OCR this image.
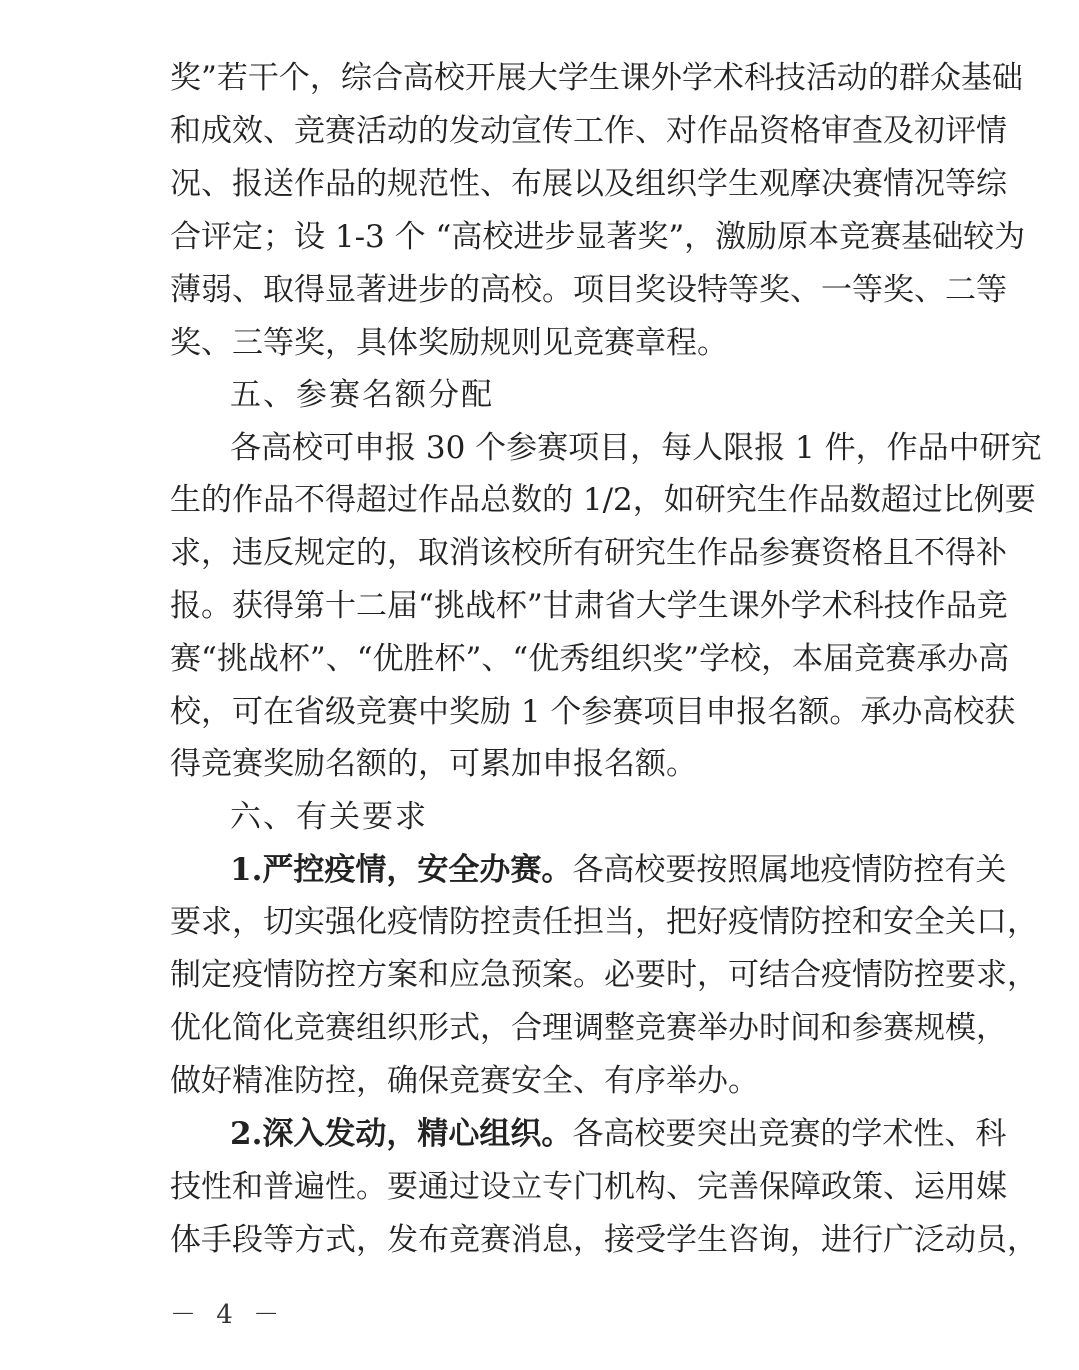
奖”若干个，综合高校开展大学生课外学术科技活动的群众基础
和成效、竞赛活动的发动宣传工作、对作品资格审查及初评情
况、报送作品的规范性、布展以及组织学生观摩决赛情况等综
合评定；设 1-3 个 “高校进步显著奖”，激励原本竞赛基础较为
薄弱、取得显著进步的高校。项目奖设特等奖、一等奖、二等
奖、三等奖，具体奖励规则见竞赛章程。
五、参赛名额分配
各高校可申报 30 个参赛项目，每人限报 1 件，作品中研究
生的作品不得超过作品总数的 1/2，如研究生作品数超过比例要
求，违反规定的，取消该校所有研究生作品参赛资格且不得补
报。获得第十二届“挑战杯”甘肃省大学生课外学术科技作品竞
赛“挑战杯”、“优胜杯”、“优秀组织奖”学校，本届竞赛承办高
校，可在省级竞赛中奖励 1 个参赛项目申报名额。承办高校获
得竞赛奖励名额的，可累加申报名额。
六、有关要求
1.严控疫情，安全办赛。各高校要按照属地疫情防控有关
要求，切实强化疫情防控责任担当，把好疫情防控和安全关口，
制定疫情防控方案和应急预案。必要时，可结合疫情防控要求，
优化简化竞赛组织形式，合理调整竞赛举办时间和参赛规模，
做好精准防控，确保竞赛安全、有序举办。
2.深入发动，精心组织。各高校要突出竞赛的学术性、科
技性和普遍性。要通过设立专门机构、完善保障政策、运用媒
体手段等方式，发布竞赛消息，接受学生咨询，进行广泛动员，
－ 4 －
